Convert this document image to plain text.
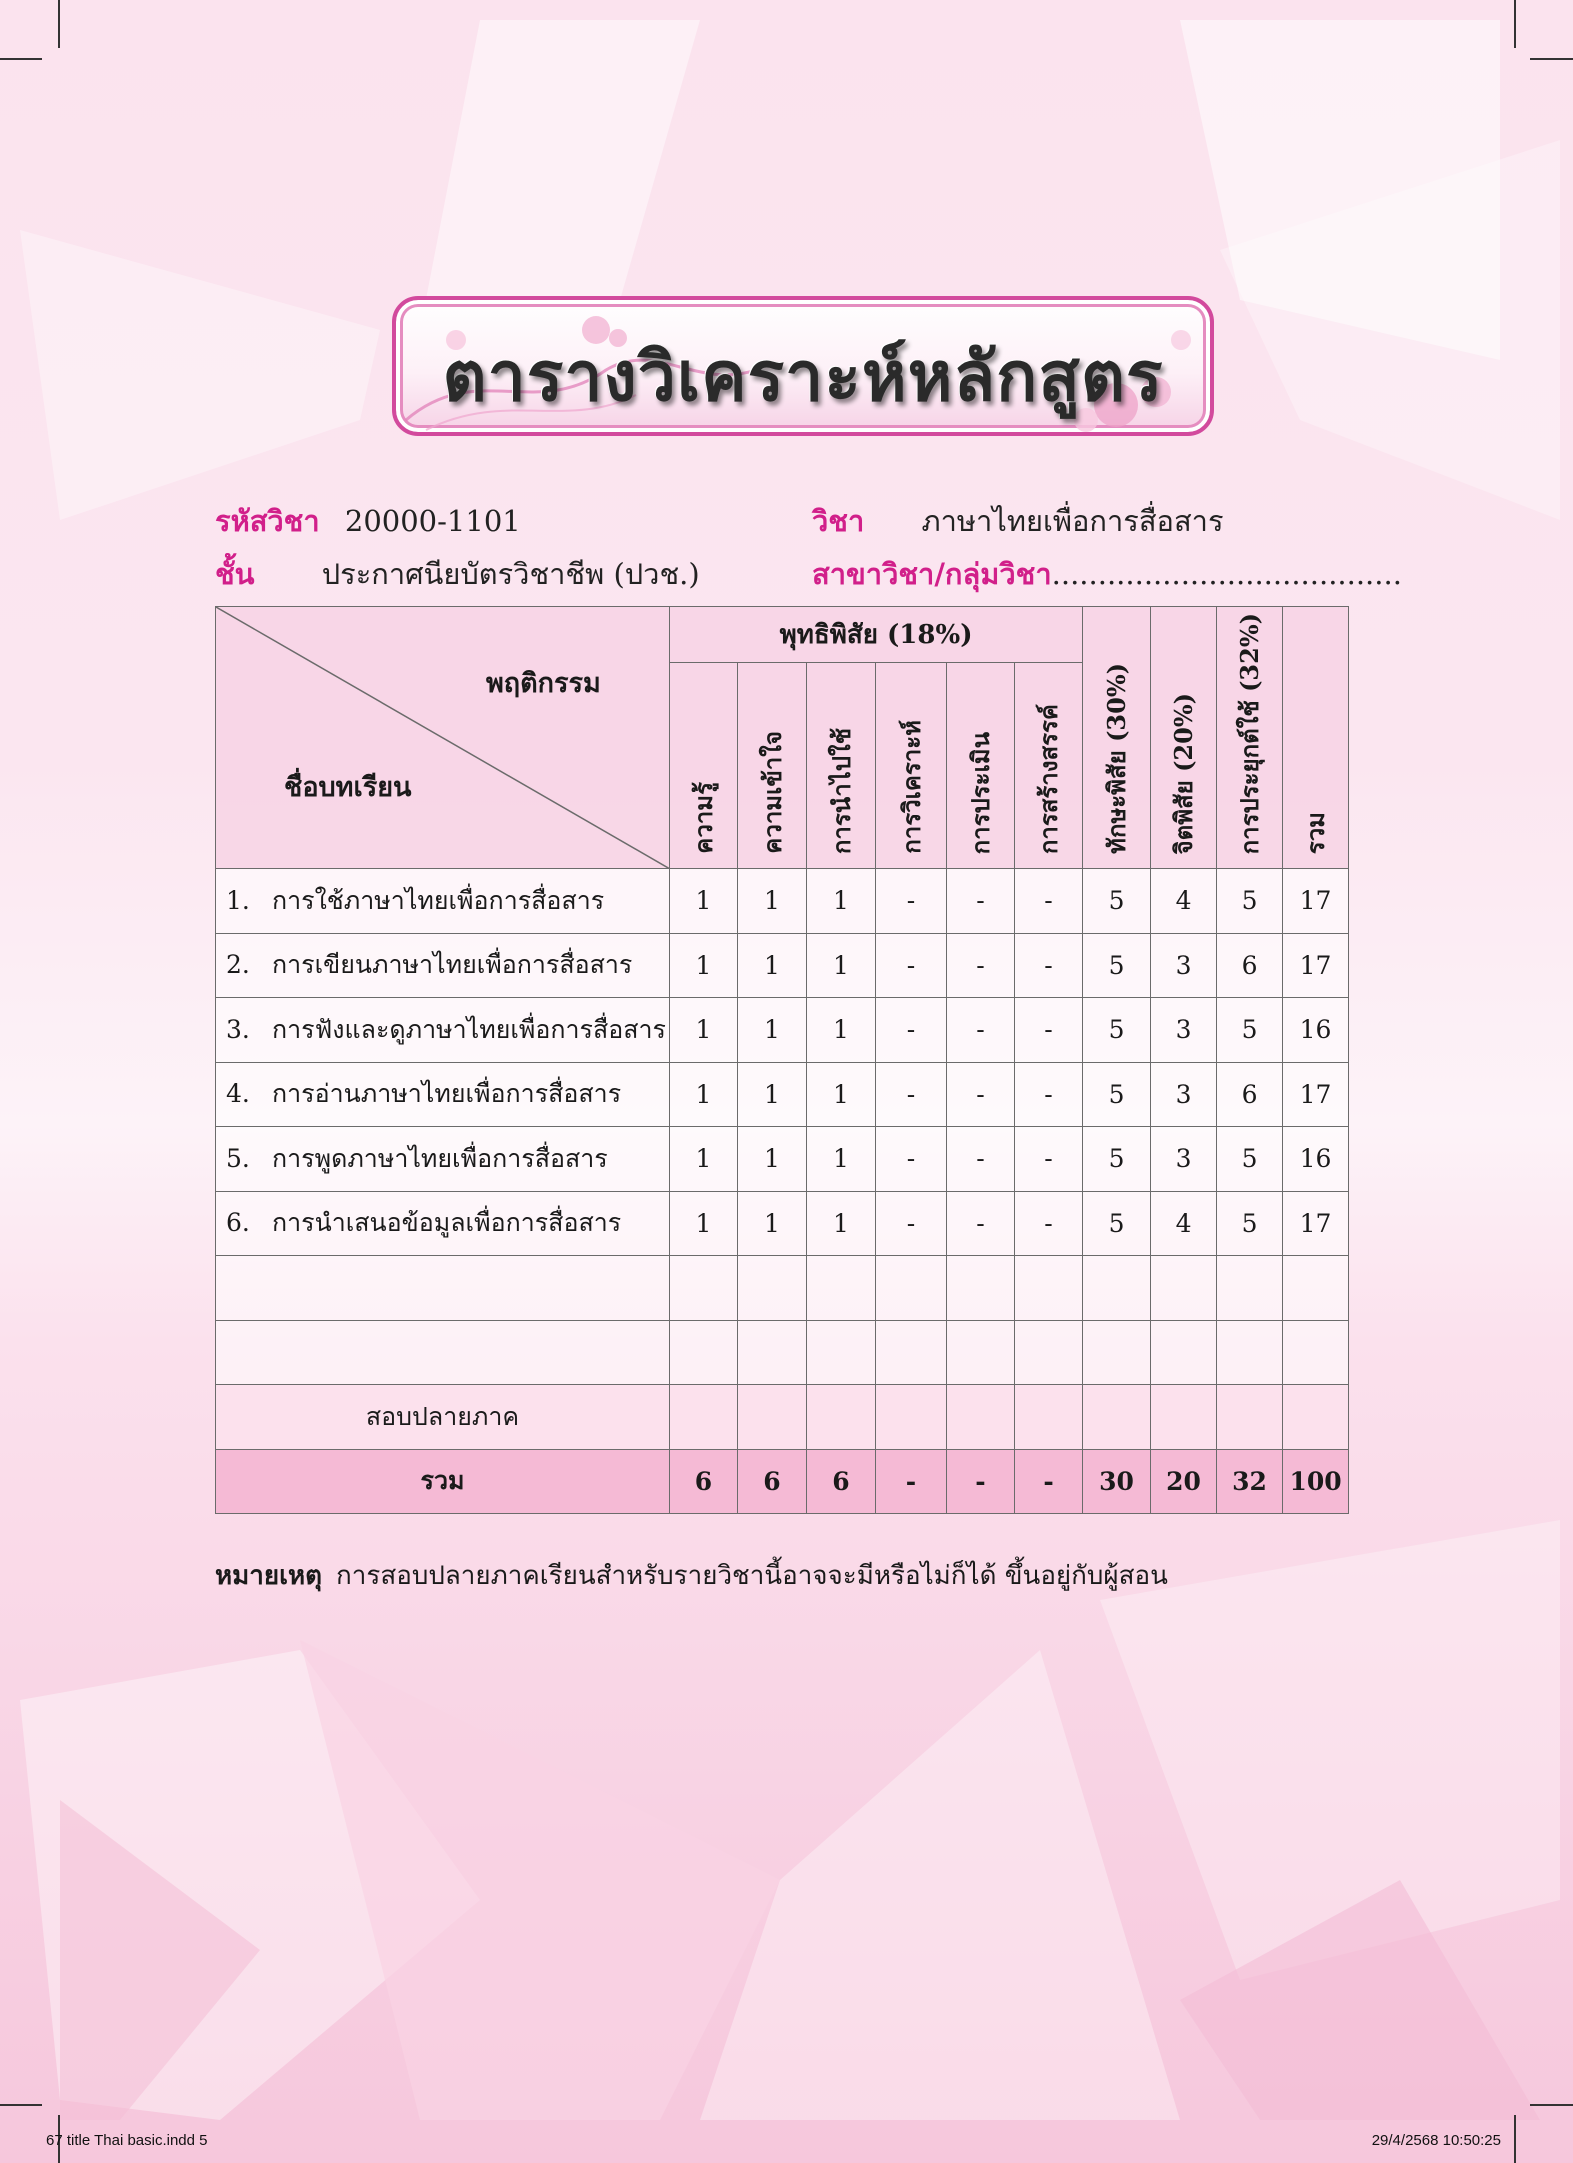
ตารางวิเคราะห์หลักสูตร
รหัสวิชา 20000-1101	วิชา ภาษาไทยเพื่อการสื่อสาร
ชั้น ประกาศนียบัตรวิชาชีพ (ปวช.)	สาขาวิชา/กลุ่มวิชา......................................
พฤติกรรม
ชื่อบทเรียน	พุทธิพิสัย (18%)						ทักษะพิสัย (30%)	จิตพิสัย (20%)	การประยุกต์ใช้ (32%)	รวม
	ความรู้	ความเข้าใจ	การนำไปใช้	การวิเคราะห์	การประเมิน	การสร้างสรรค์				
1. การใช้ภาษาไทยเพื่อการสื่อสาร	1	1	1	-	-	-	5	4	5	17
2. การเขียนภาษาไทยเพื่อการสื่อสาร	1	1	1	-	-	-	5	3	6	17
3. การฟังและดูภาษาไทยเพื่อการสื่อสาร	1	1	1	-	-	-	5	3	5	16
4. การอ่านภาษาไทยเพื่อการสื่อสาร	1	1	1	-	-	-	5	3	6	17
5. การพูดภาษาไทยเพื่อการสื่อสาร	1	1	1	-	-	-	5	3	5	16
6. การนำเสนอข้อมูลเพื่อการสื่อสาร	1	1	1	-	-	-	5	4	5	17

สอบปลายภาค										
รวม	6	6	6	-	-	-	30	20	32	100
หมายเหตุ การสอบปลายภาคเรียนสำหรับรายวิชานี้อาจจะมีหรือไม่ก็ได้ ขึ้นอยู่กับผู้สอน
67 title Thai basic.indd 5	29/4/2568 10:50:25
